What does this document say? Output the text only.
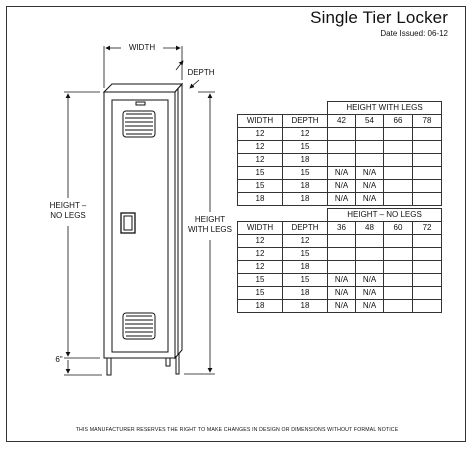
Single Tier Locker
Date Issued: 06-12
WIDTH
DEPTH
HEIGHT –
NO LEGS	HEIGHT
WITH LEGS
6"
		HEIGHT WITH LEGS			
WIDTH	DEPTH	42	54	66	78
12	12				
12	15				
12	18				
15	15	N/A	N/A		
15	18	N/A	N/A		
18	18	N/A	N/A		
		HEIGHT – NO LEGS			
WIDTH	DEPTH	36	48	60	72
12	12				
12	15				
12	18				
15	15	N/A	N/A		
15	18	N/A	N/A		
18	18	N/A	N/A		
THIS MANUFACTURER RESERVES THE RIGHT TO MAKE CHANGES IN DESIGN OR DIMENSIONS WITHOUT FORMAL NOTICE
